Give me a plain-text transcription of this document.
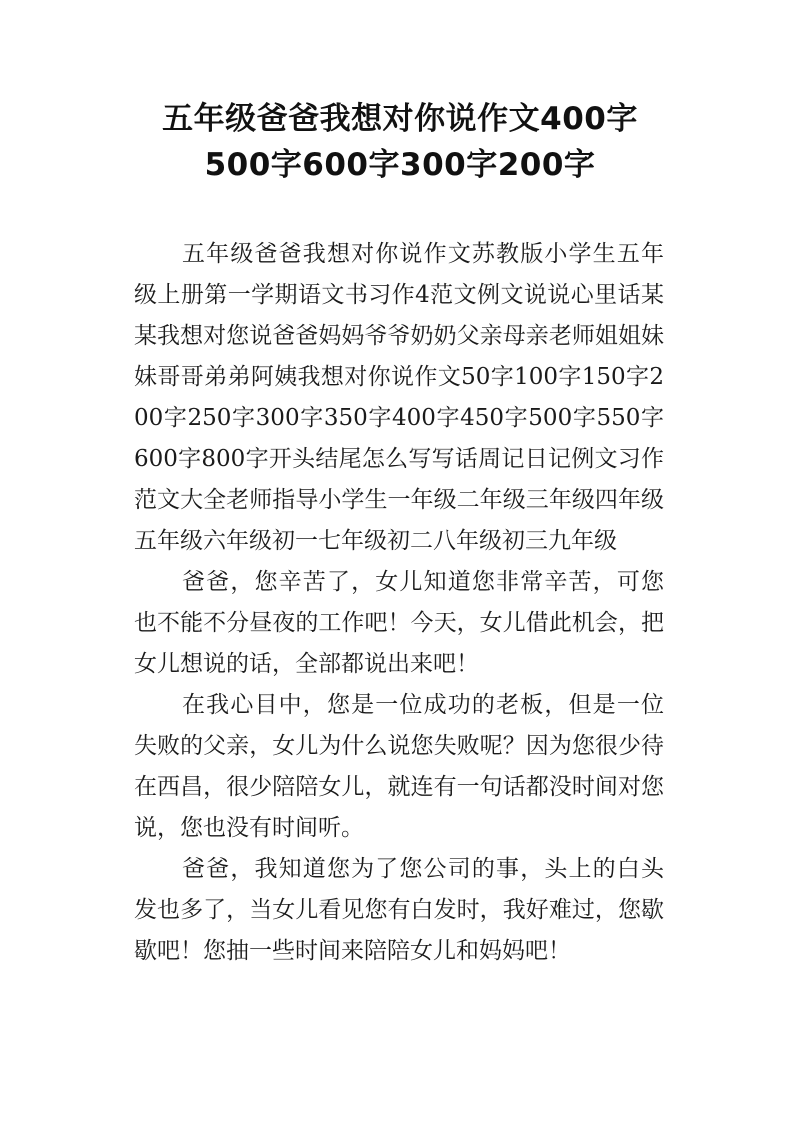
五年级爸爸我想对你说作文400字
500字600字300字200字

五年级爸爸我想对你说作文苏教版小学生五年级上册第一学期语文书习作4范文例文说说心里话某某我想对您说爸爸妈妈爷爷奶奶父亲母亲老师姐姐妹妹哥哥弟弟阿姨我想对你说作文50字100字150字200字250字300字350字400字450字500字550字600字800字开头结尾怎么写写话周记日记例文习作范文大全老师指导小学生一年级二年级三年级四年级五年级六年级初一七年级初二八年级初三九年级

爸爸，您辛苦了，女儿知道您非常辛苦，可您也不能不分昼夜的工作吧！今天，女儿借此机会，把女儿想说的话，全部都说出来吧！

在我心目中，您是一位成功的老板，但是一位失败的父亲，女儿为什么说您失败呢？因为您很少待在西昌，很少陪陪女儿，就连有一句话都没时间对您说，您也没有时间听。

爸爸，我知道您为了您公司的事，头上的白头发也多了，当女儿看见您有白发时，我好难过，您歇歇吧！您抽一些时间来陪陪女儿和妈妈吧！
